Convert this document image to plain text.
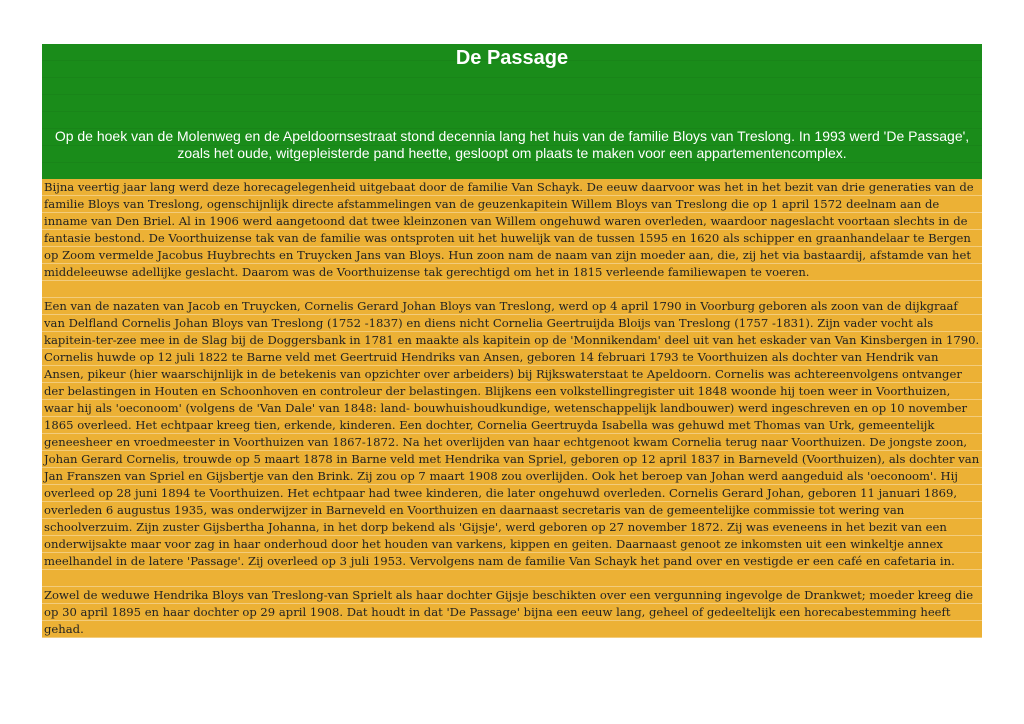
De Passage
Op de hoek van de Molenweg en de Apeldoornsestraat stond decennia lang het huis van de familie Bloys van Treslong. In 1993 werd 'De Passage', zoals het oude, witgepleisterde pand heette, gesloopt om plaats te maken voor een appartementencomplex.

Bijna veertig jaar lang werd deze horecagelegenheid uitgebaat door de familie Van Schayk. De eeuw daarvoor was het in het bezit van drie generaties van de familie Bloys van Treslong, ogenschijnlijk directe afstammelingen van de geuzenkapitein Willem Bloys van Treslong die op 1 april 1572 deelnam aan de inname van Den Briel. Al in 1906 werd aangetoond dat twee kleinzonen van Willem ongehuwd waren overleden, waardoor nageslacht voortaan slechts in de fantasie bestond. De Voorthuizense tak van de familie was ontsproten uit het huwelijk van de tussen 1595 en 1620 als schipper en graanhandelaar te Bergen op Zoom vermelde Jacobus Huybrechts en Truycken Jans van Bloys. Hun zoon nam de naam van zijn moeder aan, die, zij het via bastaardij, afstamde van het middeleeuwse adellijke geslacht. Daarom was de Voorthuizense tak gerechtigd om het in 1815 verleende familiewapen te voeren.

Een van de nazaten van Jacob en Truycken, Cornelis Gerard Johan Bloys van Treslong, werd op 4 april 1790 in Voorburg geboren als zoon van de dijkgraaf van Delfland Cornelis Johan Bloys van Treslong (1752 -1837) en diens nicht Cornelia Geertruijda Bloijs van Treslong (1757 -1831). Zijn vader vocht als kapitein-ter-zee mee in de Slag bij de Doggersbank in 1781 en maakte als kapitein op de 'Monnikendam' deel uit van het eskader van Van Kinsbergen in 1790. Cornelis huwde op 12 juli 1822 te Barne veld met Geertruid Hendriks van Ansen, geboren 14 februari 1793 te Voorthuizen als dochter van Hendrik van Ansen, pikeur (hier waarschijnlijk in de betekenis van opzichter over arbeiders) bij Rijkswaterstaat te Apeldoorn. Cornelis was achtereenvolgens ontvanger der belastingen in Houten en Schoonhoven en controleur der belastingen. Blijkens een volkstellingregister uit 1848 woonde hij toen weer in Voorthuizen, waar hij als 'oeconoom' (volgens de 'Van Dale' van 1848: land- bouwhuishoudkundige, wetenschappelijk landbouwer) werd ingeschreven en op 10 november 1865 overleed. Het echtpaar kreeg tien, erkende, kinderen. Een dochter, Cornelia Geertruyda Isabella was gehuwd met Thomas van Urk, gemeentelijk geneesheer en vroedmeester in Voorthuizen van 1867-1872. Na het overlijden van haar echtgenoot kwam Cornelia terug naar Voorthuizen. De jongste zoon, Johan Gerard Cornelis, trouwde op 5 maart 1878 in Barne veld met Hendrika van Spriel, geboren op 12 april 1837 in Barneveld (Voorthuizen), als dochter van Jan Franszen van Spriel en Gijsbertje van den Brink. Zij zou op 7 maart 1908 zou overlijden. Ook het beroep van Johan werd aangeduid als 'oeconoom'. Hij overleed op 28 juni 1894 te Voorthuizen. Het echtpaar had twee kinderen, die later ongehuwd overleden. Cornelis Gerard Johan, geboren 11 januari 1869, overleden 6 augustus 1935, was onderwijzer in Barneveld en Voorthuizen en daarnaast secretaris van de gemeentelijke commissie tot wering van schoolverzuim. Zijn zuster Gijsbertha Johanna, in het dorp bekend als 'Gijsje', werd geboren op 27 november 1872. Zij was eveneens in het bezit van een onderwijsakte maar voor zag in haar onderhoud door het houden van varkens, kippen en geiten. Daarnaast genoot ze inkomsten uit een winkeltje annex meelhandel in de latere 'Passage'. Zij overleed op 3 juli 1953. Vervolgens nam de familie Van Schayk het pand over en vestigde er een café en cafetaria in.

Zowel de weduwe Hendrika Bloys van Treslong-van Sprielt als haar dochter Gijsje beschikten over een vergunning ingevolge de Drankwet; moeder kreeg die op 30 april 1895 en haar dochter op 29 april 1908. Dat houdt in dat 'De Passage' bijna een eeuw lang, geheel of gedeeltelijk een horecabestemming heeft gehad.
